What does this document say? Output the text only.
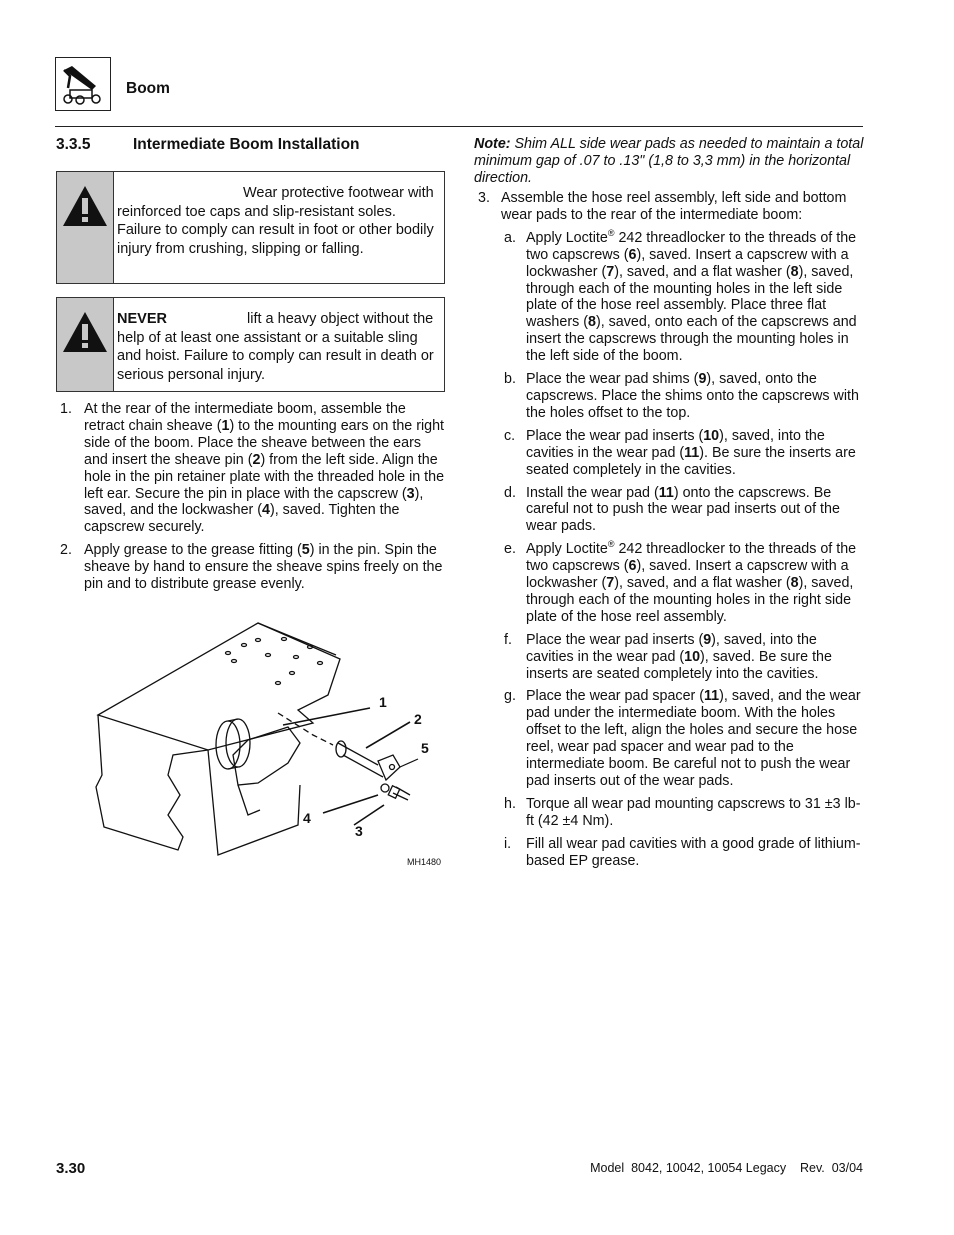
Boom
3.3.5	Intermediate Boom Installation
Wear protective footwear with reinforced toe caps and slip-resistant soles. Failure to comply can result in foot or other bodily injury from crushing, slipping or falling.
NEVER	lift a heavy object without the help of at least one assistant or a suitable sling and hoist. Failure to comply can result in death or serious personal injury.
1. At the rear of the intermediate boom, assemble the retract chain sheave (1) to the mounting ears on the right side of the boom. Place the sheave between the ears and insert the sheave pin (2) from the left side. Align the hole in the pin retainer plate with the threaded hole in the left ear. Secure the pin in place with the capscrew (3), saved, and the lockwasher (4), saved. Tighten the capscrew securely.
2. Apply grease to the grease fitting (5) in the pin. Spin the sheave by hand to ensure the sheave spins freely on the pin and to distribute grease evenly.
1
2
5
4
3
MH1480
Note: Shim ALL side wear pads as needed to maintain a total minimum gap of .07 to .13" (1,8 to 3,3 mm) in the horizontal direction.
3. Assemble the hose reel assembly, left side and bottom wear pads to the rear of the intermediate boom:
a. Apply Loctite® 242 threadlocker to the threads of the two capscrews (6), saved. Insert a capscrew with a lockwasher (7), saved, and a flat washer (8), saved, through each of the mounting holes in the left side plate of the hose reel assembly. Place three flat washers (8), saved, onto each of the capscrews and insert the capscrews through the mounting holes in the left side of the boom.
b. Place the wear pad shims (9), saved, onto the capscrews. Place the shims onto the capscrews with the holes offset to the top.
c. Place the wear pad inserts (10), saved, into the cavities in the wear pad (11). Be sure the inserts are seated completely in the cavities.
d. Install the wear pad (11) onto the capscrews. Be careful not to push the wear pad inserts out of the wear pads.
e. Apply Loctite® 242 threadlocker to the threads of the two capscrews (6), saved. Insert a capscrew with a lockwasher (7), saved, and a flat washer (8), saved, through each of the mounting holes in the right side plate of the hose reel assembly.
f. Place the wear pad inserts (9), saved, into the cavities in the wear pad (10), saved. Be sure the inserts are seated completely into the cavities.
g. Place the wear pad spacer (11), saved, and the wear pad under the intermediate boom. With the holes offset to the left, align the holes and secure the hose reel, wear pad spacer and wear pad to the intermediate boom. Be careful not to push the wear pad inserts out of the wear pads.
h. Torque all wear pad mounting capscrews to 31 ±3 lb-ft (42 ±4 Nm).
i. Fill all wear pad cavities with a good grade of lithium-based EP grease.
3.30	Model  8042, 10042, 10054 Legacy    Rev.  03/04
